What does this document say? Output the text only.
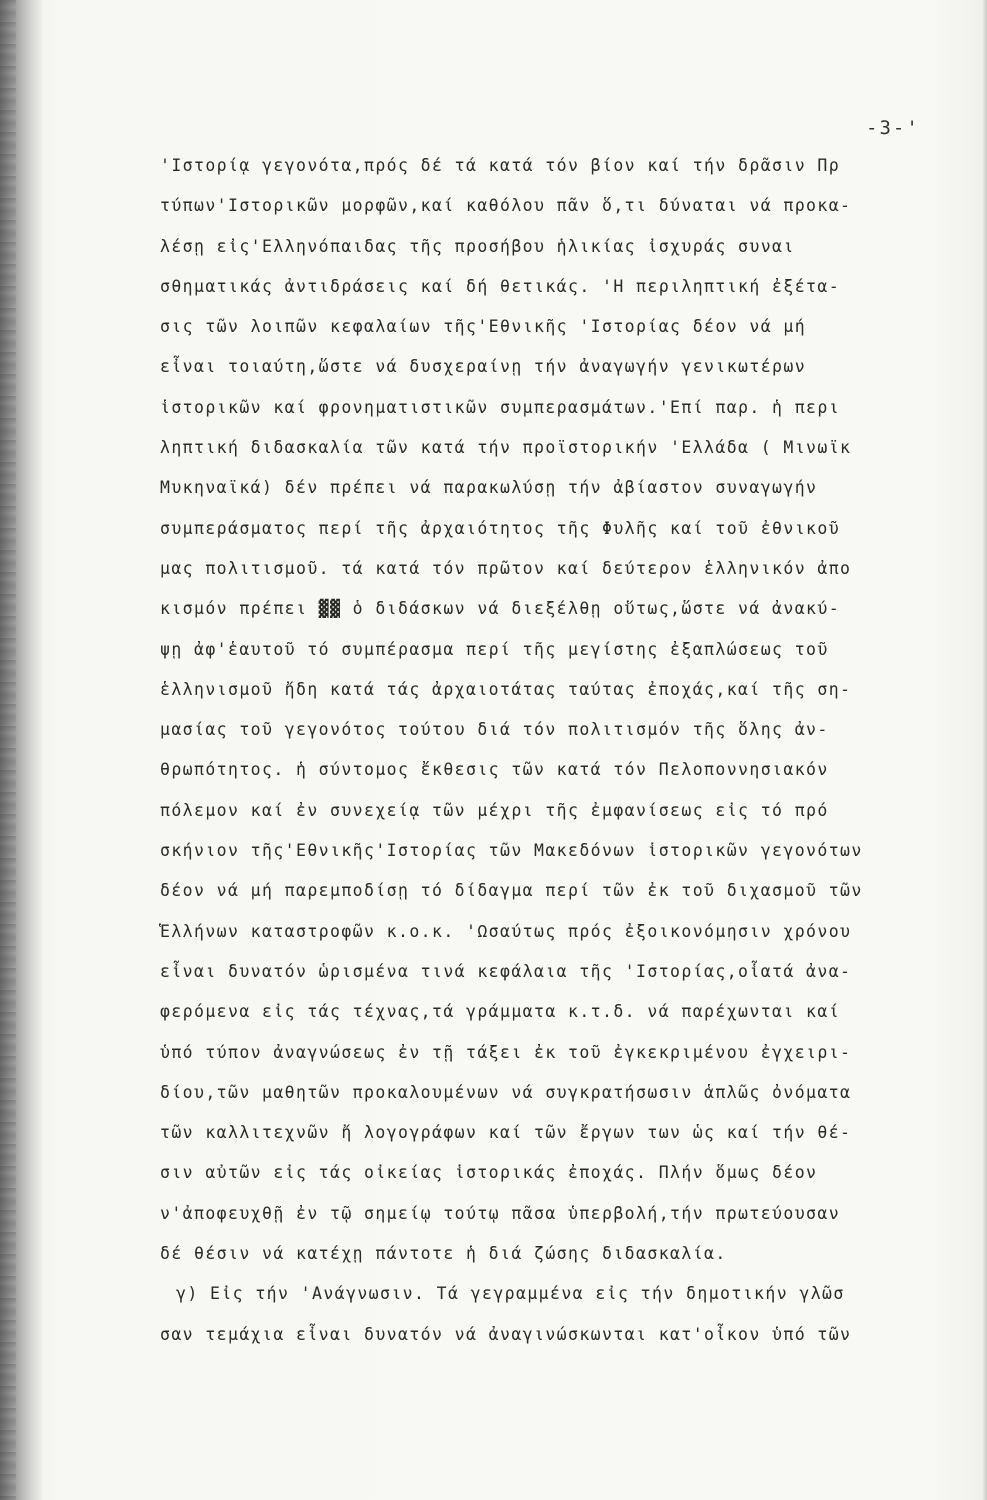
-3-'
'Ιστορίᾳ γεγονότα,πρός δέ τά κατά τόν βίον καί τήν δρᾶσιν Πρ
τύπων'Ιστορικῶν μορφῶν,καί καθόλου πᾶν ὅ,τι δύναται νά προκα-
λέσῃ εἰς'Ελληνόπαιδας τῆς προσήβου ἡλικίας ἰσχυράς συναι
σθηματικάς ἀντιδράσεις καί δή θετικάς. 'Η περιληπτική ἐξέτα-
σις τῶν λοιπῶν κεφαλαίων τῆς'Εθνικῆς 'Ιστορίας δέον νά μή
εἶναι τοιαύτη,ὥστε νά δυσχεραίνῃ τήν ἀναγωγήν γενικωτέρων
ἱστορικῶν καί φρονηματιστικῶν συμπερασμάτων.'Επί παρ. ἡ περι
ληπτική διδασκαλία τῶν κατά τήν προϊστορικήν 'Ελλάδα ( Μινωϊκ
Μυκηναϊκά) δέν πρέπει νά παρακωλύσῃ τήν ἀβίαστον συναγωγήν
συμπεράσματος περί τῆς ἀρχαιότητος τῆς Φυλῆς καί τοῦ ἐθνικοῦ
μας πολιτισμοῦ. τά κατά τόν πρῶτον καί δεύτερον ἑλληνικόν ἀπο
κισμόν πρέπει ▓▓ ὁ διδάσκων νά διεξέλθῃ οὕτως,ὥστε νά ἀνακύ-
ψῃ ἀφ'ἑαυτοῦ τό συμπέρασμα περί τῆς μεγίστης ἐξαπλώσεως τοῦ
ἑλληνισμοῦ ἤδη κατά τάς ἀρχαιοτάτας ταύτας ἐποχάς,καί τῆς ση-
μασίας τοῦ γεγονότος τούτου διά τόν πολιτισμόν τῆς ὅλης ἀν-
θρωπότητος. ἡ σύντομος ἔκθεσις τῶν κατά τόν Πελοποννησιακόν
πόλεμον καί ἐν συνεχείᾳ τῶν μέχρι τῆς ἐμφανίσεως εἰς τό πρό
σκήνιον τῆς'Εθνικῆς'Ιστορίας τῶν Μακεδόνων ἱστορικῶν γεγονότων
δέον νά μή παρεμποδίσῃ τό δίδαγμα περί τῶν ἐκ τοῦ διχασμοῦ τῶν
Ἑλλήνων καταστροφῶν κ.ο.κ. 'Ωσαύτως πρός ἐξοικονόμησιν χρόνου
εἶναι δυνατόν ὡρισμένα τινά κεφάλαια τῆς 'Ιστορίας,οἷατά ἀνα-
φερόμενα εἰς τάς τέχνας,τά γράμματα κ.τ.δ. νά παρέχωνται καί
ὑπό τύπον ἀναγνώσεως ἐν τῇ τάξει ἐκ τοῦ ἐγκεκριμένου ἐγχειρι-
δίου,τῶν μαθητῶν προκαλουμένων νά συγκρατήσωσιν ἁπλῶς ὀνόματα
τῶν καλλιτεχνῶν ἤ λογογράφων καί τῶν ἔργων των ὡς καί τήν θέ-
σιν αὐτῶν εἰς τάς οἰκείας ἱστορικάς ἐποχάς. Πλήν ὅμως δέον
ν'ἀποφευχθῇ ἐν τῷ σημείῳ τούτῳ πᾶσα ὑπερβολή,τήν πρωτεύουσαν
δέ θέσιν νά κατέχῃ πάντοτε ἡ διά ζώσης διδασκαλία.
γ) Εἰς τήν 'Ανάγνωσιν. Τά γεγραμμένα εἰς τήν δημοτικήν γλῶσ
σαν τεμάχια εἶναι δυνατόν νά ἀναγινώσκωνται κατ'οἶκον ὑπό τῶν
